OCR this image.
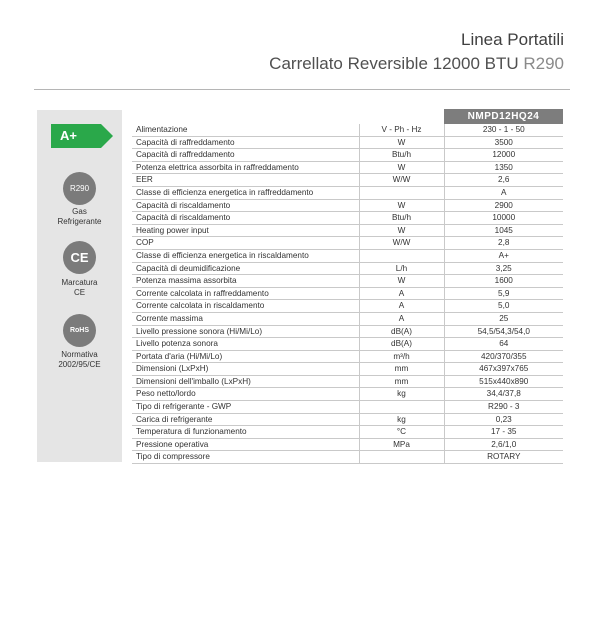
Linea Portatili
Carrellato Reversible 12000 BTU R290
A+
R290
Gas
Refrigerante
CE
Marcatura
CE
RoHS
Normativa
2002/95/CE
		NMPD12HQ24
Alimentazione	V - Ph - Hz	230 - 1 - 50
Capacità di raffreddamento	W	3500
Capacità di raffreddamento	Btu/h	12000
Potenza elettrica assorbita in raffreddamento	W	1350
EER	W/W	2,6
Classe di efficienza energetica in raffreddamento		A
Capacità di riscaldamento	W	2900
Capacità di riscaldamento	Btu/h	10000
Heating power input	W	1045
COP	W/W	2,8
Classe di efficienza energetica in riscaldamento		A+
Capacità di deumidificazione	L/h	3,25
Potenza massima assorbita	W	1600
Corrente calcolata in raffreddamento	A	5,9
Corrente calcolata in riscaldamento	A	5,0
Corrente massima	A	25
Livello pressione sonora (Hi/Mi/Lo)	dB(A)	54,5/54,3/54,0
Livello potenza sonora	dB(A)	64
Portata d'aria (Hi/Mi/Lo)	m³/h	420/370/355
Dimensioni (LxPxH)	mm	467x397x765
Dimensioni dell'imballo (LxPxH)	mm	515x440x890
Peso netto/lordo	kg	34,4/37,8
Tipo di refrigerante - GWP		R290 - 3
Carica di refrigerante	kg	0,23
Temperatura di funzionamento	°C	17 - 35
Pressione operativa	MPa	2,6/1,0
Tipo di compressore		ROTARY
